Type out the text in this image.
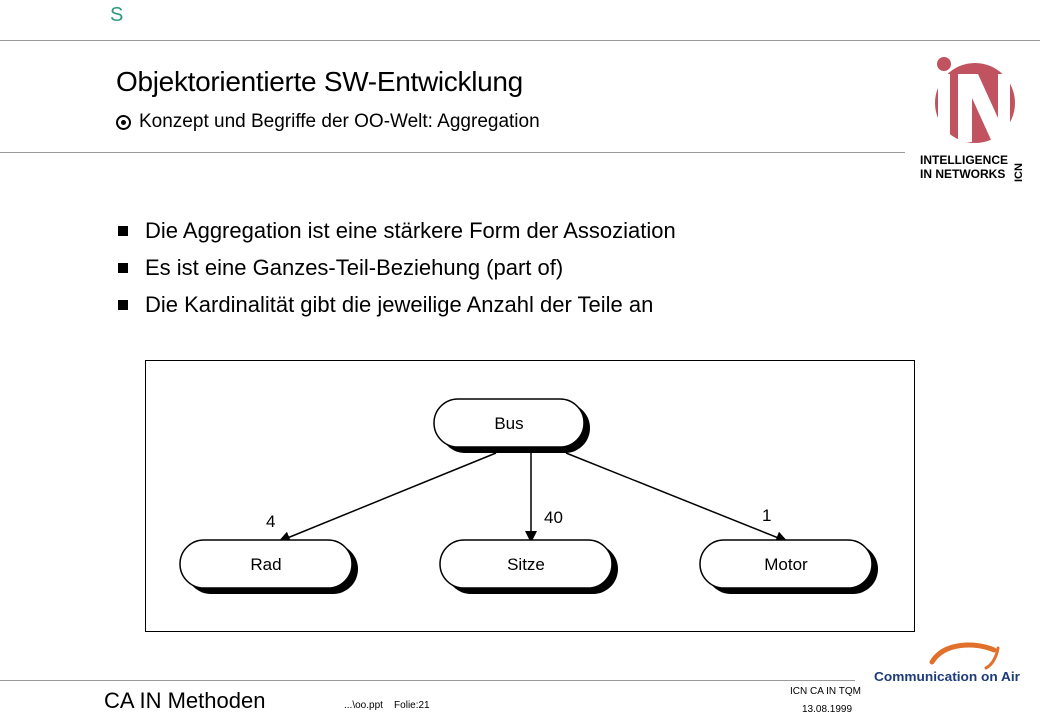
S
Objektorientierte SW-Entwicklung
Konzept und Begriffe der OO-Welt: Aggregation
INTELLIGENCE
IN NETWORKS ICN
Die Aggregation ist eine stärkere Form der Assoziation
Es ist eine Ganzes-Teil-Beziehung (part of)
Die Kardinalität gibt die jeweilige Anzahl der Teile an
Bus
Rad	Sitze	Motor
4	40	1
CA IN Methoden	...\oo.ppt Folie:21
ICN CA IN TQM
13.08.1999
Communication on Air
